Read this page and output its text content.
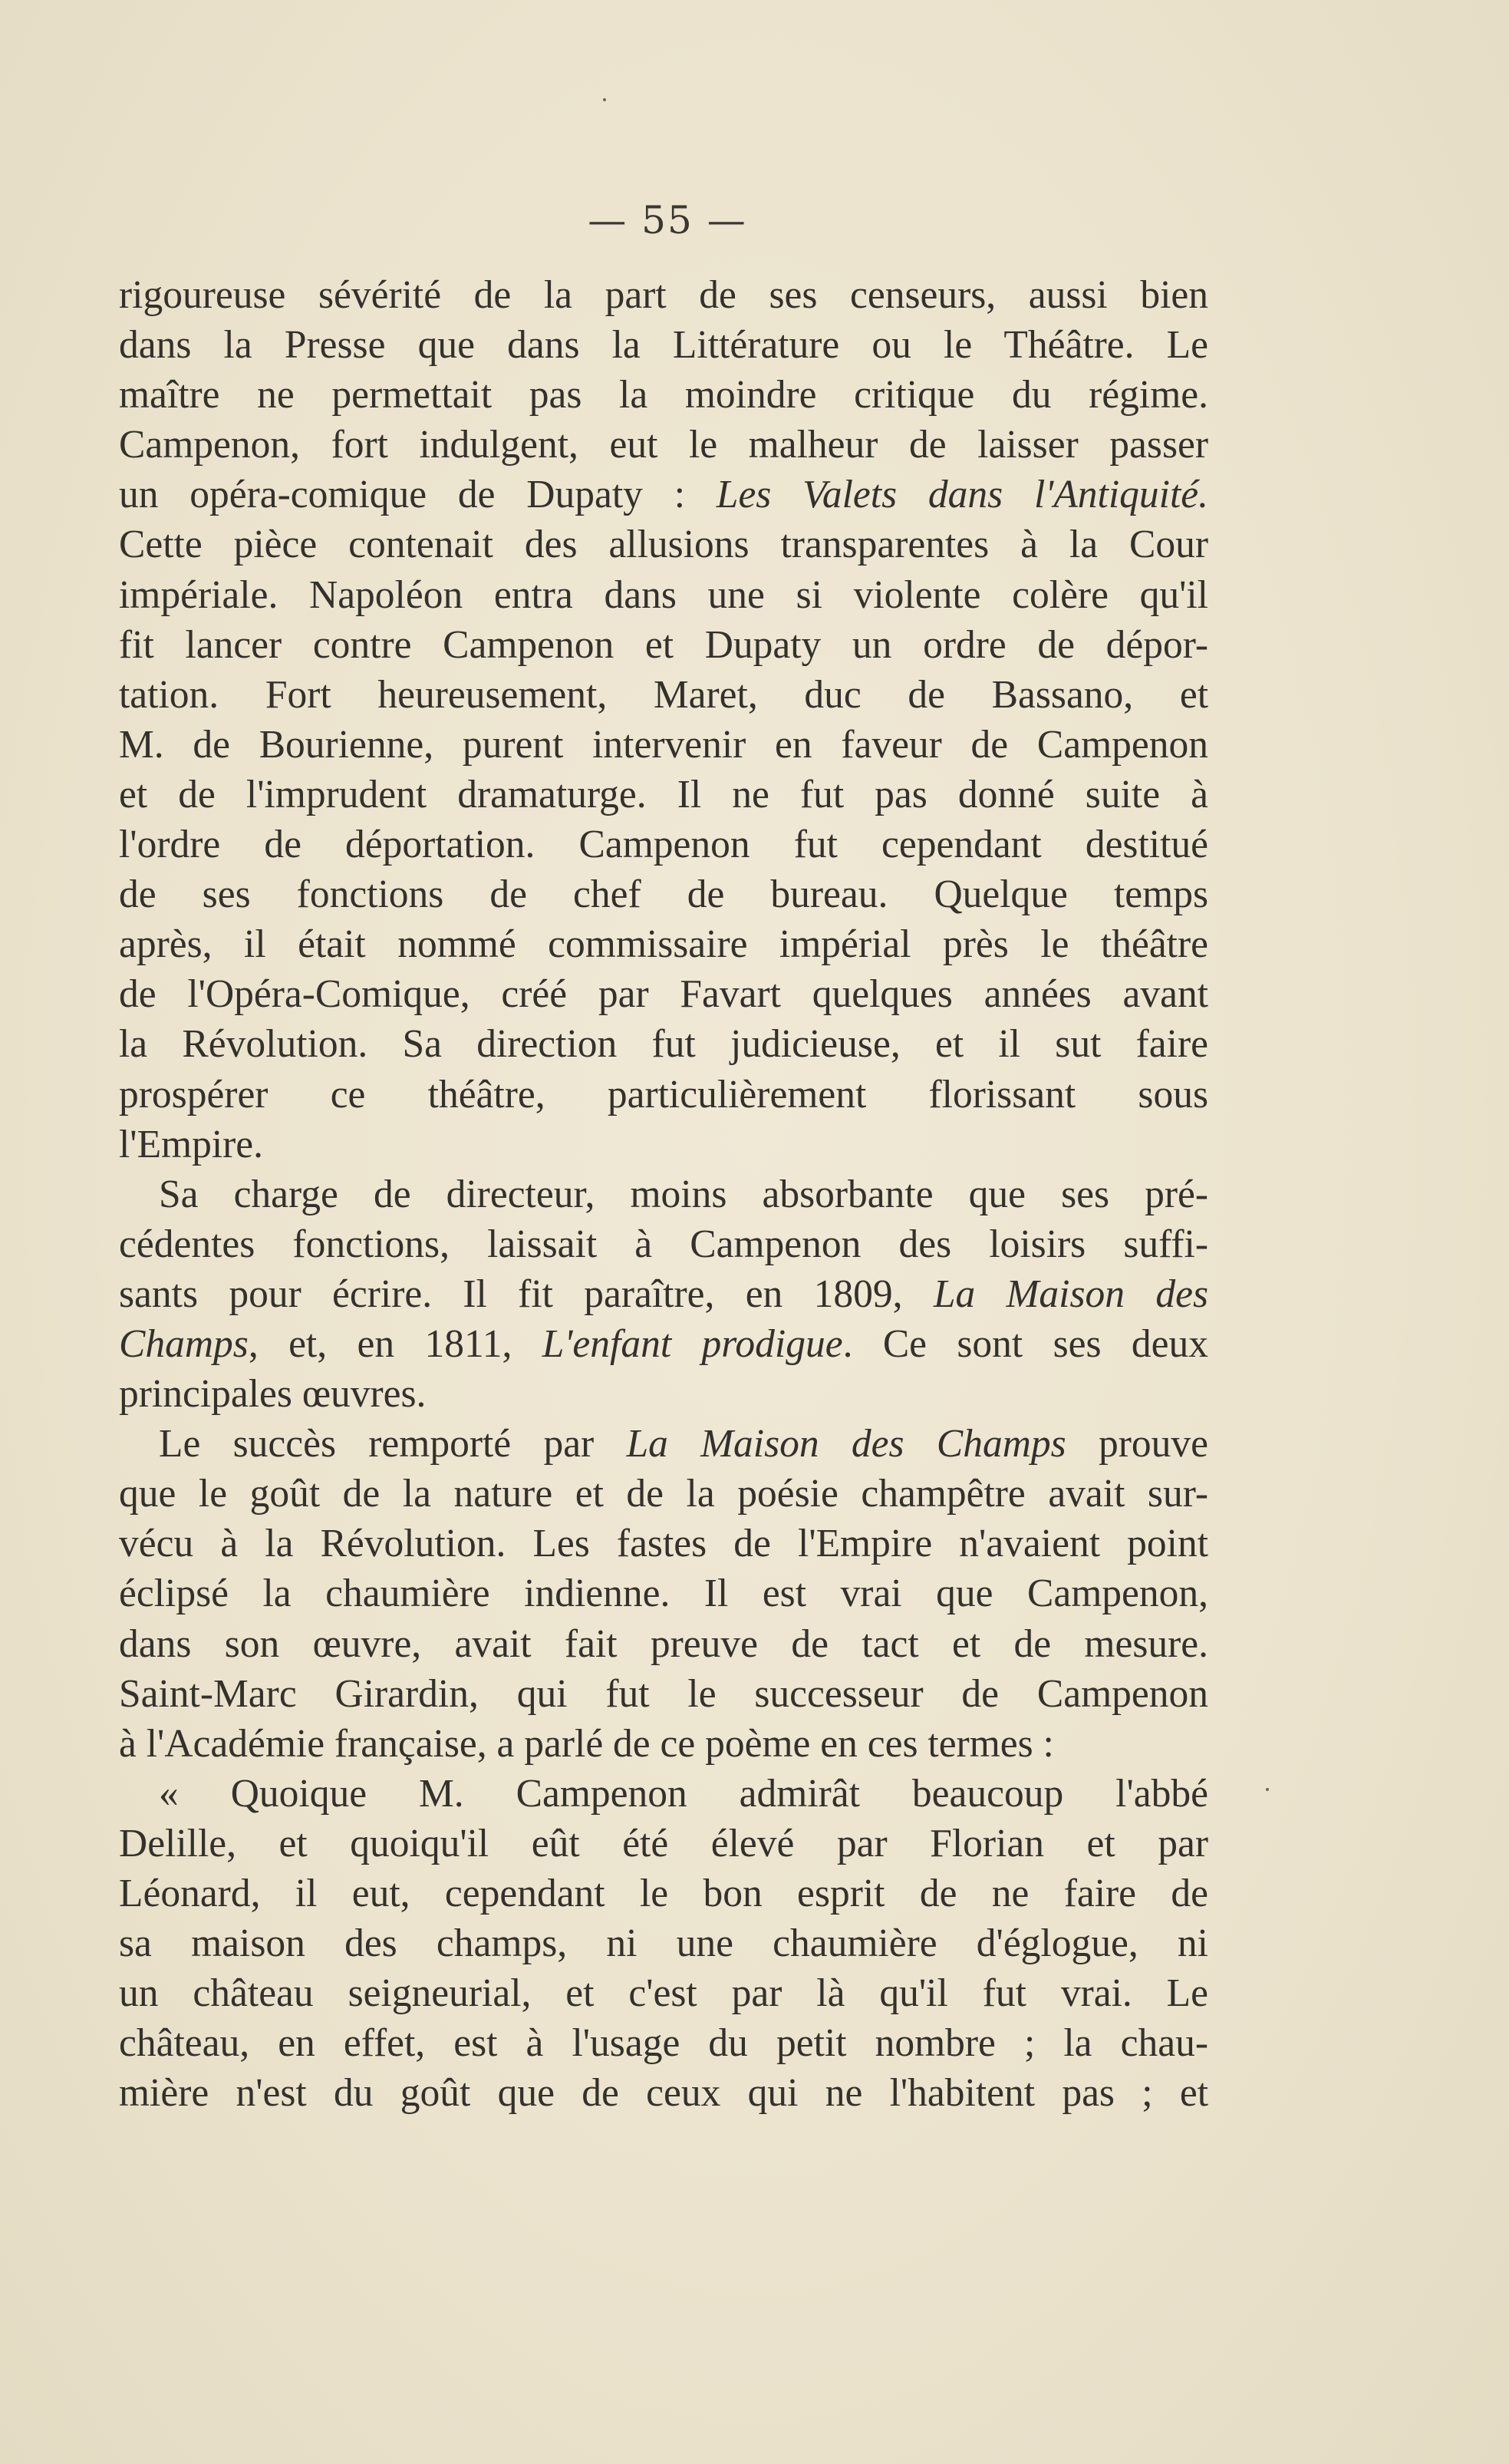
— 55 —
rigoureuse sévérité de la part de ses censeurs, aussi bien
dans la Presse que dans la Littérature ou le Théâtre. Le
maître ne permettait pas la moindre critique du régime.
Campenon, fort indulgent, eut le malheur de laisser passer
un opéra-comique de Dupaty : Les Valets dans l'Antiquité.
Cette pièce contenait des allusions transparentes à la Cour
impériale. Napoléon entra dans une si violente colère qu'il
fit lancer contre Campenon et Dupaty un ordre de dépor-
tation. Fort heureusement, Maret, duc de Bassano, et
M. de Bourienne, purent intervenir en faveur de Campenon
et de l'imprudent dramaturge. Il ne fut pas donné suite à
l'ordre de déportation. Campenon fut cependant destitué
de ses fonctions de chef de bureau. Quelque temps
après, il était nommé commissaire impérial près le théâtre
de l'Opéra-Comique, créé par Favart quelques années avant
la Révolution. Sa direction fut judicieuse, et il sut faire
prospérer ce théâtre, particulièrement florissant sous
l'Empire.
Sa charge de directeur, moins absorbante que ses pré-
cédentes fonctions, laissait à Campenon des loisirs suffi-
sants pour écrire. Il fit paraître, en 1809, La Maison des
Champs, et, en 1811, L'enfant prodigue. Ce sont ses deux
principales œuvres.
Le succès remporté par La Maison des Champs prouve
que le goût de la nature et de la poésie champêtre avait sur-
vécu à la Révolution. Les fastes de l'Empire n'avaient point
éclipsé la chaumière indienne. Il est vrai que Campenon,
dans son œuvre, avait fait preuve de tact et de mesure.
Saint-Marc Girardin, qui fut le successeur de Campenon
à l'Académie française, a parlé de ce poème en ces termes :
« Quoique M. Campenon admirât beaucoup l'abbé
Delille, et quoiqu'il eût été élevé par Florian et par
Léonard, il eut, cependant le bon esprit de ne faire de
sa maison des champs, ni une chaumière d'églogue, ni
un château seigneurial, et c'est par là qu'il fut vrai. Le
château, en effet, est à l'usage du petit nombre ; la chau-
mière n'est du goût que de ceux qui ne l'habitent pas ; et
